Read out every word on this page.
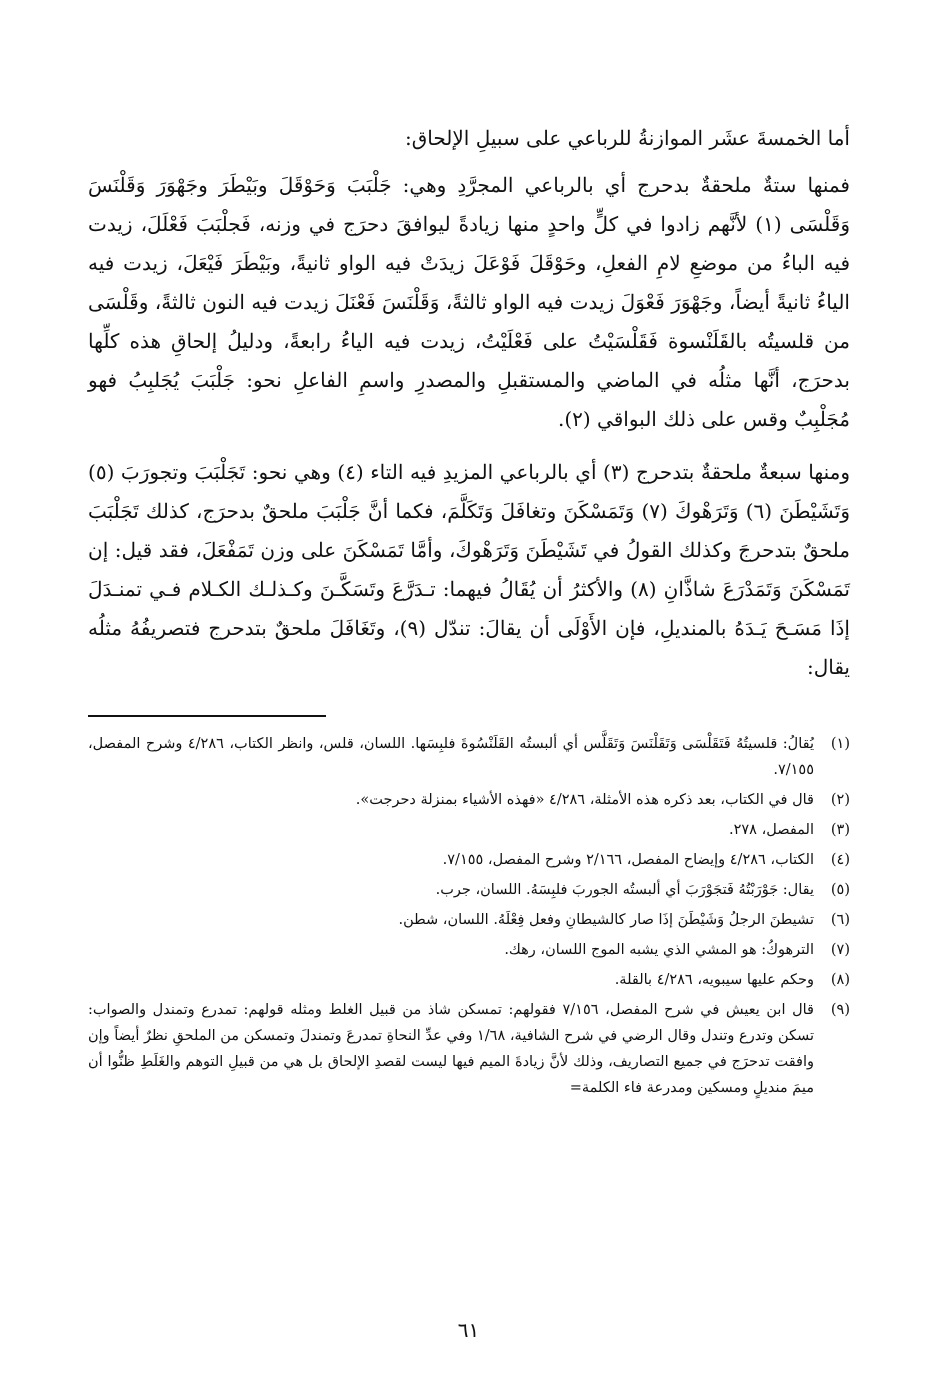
أما الخمسةَ عشَر الموازنةُ للرباعي على سبيلِ الإلحاق:

فمنها ستةٌ ملحقةٌ بدحرج أي بالرباعي المجرَّدِ وهي: جَلْبَبَ وَحَوْقَلَ وبَيْطَرَ وجَهْوَرَ وَقَلْنَسَ وَقَلْسَى (١) لأنَّهم زادوا في كلٍّ واحدٍ منها زيادةً ليوافقَ دحرَج في وزنه، فَجلْبَبَ فَعْلَلَ، زيدت فيه الباءُ من موضعِ لامِ الفعلِ، وحَوْقَلَ فَوْعَلَ زيدَتْ فيه الواو ثانيةً، وبَيْطَرَ فَيْعَلَ، زيدت فيه الياءُ ثانيةً أيضاً، وجَهْوَرَ فَعْوَلَ زيدت فيه الواو ثالثةً، وَقَلْنَسَ فَعْنَلَ زيدت فيه النون ثالثةً، وقَلْسَى من قلسيتُه بالقَلَنْسوة فَقَلْسَيْتُ على فَعْلَيْتُ، زيدت فيه الياءُ رابعةً، ودليلُ إلحاقِ هذه كلِّها بدحرَج، أنَّها مثلُه في الماضي والمستقبلِ والمصدرِ واسمِ الفاعلِ نحو: جَلْبَبَ يُجَلبِبُ فهو مُجَلْبِبٌ وقس على ذلك البواقي (٢).

ومنها سبعةٌ ملحقةٌ بتدحرج (٣) أي بالرباعي المزيدِ فيه التاء (٤) وهي نحو: تَجَلْبَبَ وتجورَبَ (٥) وَتَشَيْطَنَ (٦) وَتَرَهْوكَ (٧) وَتَمَسْكَنَ وتغافَلَ وَتَكَلَّمَ، فكما أنَّ جَلْبَبَ ملحقٌ بدحرَج، كذلك تَجَلْبَبَ ملحقٌ بتدحرجَ وكذلك القولُ في تَشَيْطَنَ وَتَرَهْوكَ، وأمَّا تَمَسْكَنَ على وزن تَمَفْعَلَ، فقد قيل: إن تَمَسْكَنَ وَتَمَدْرَعَ شاذَّانِ (٨) والأكثرُ أن يُقَالُ فيهما: تـدَرَّعَ وتَسَكَّـنَ وكـذلـك الكـلام فـي تمنـدَلَ إذَا مَسَـحَ يَـدَهُ بالمنديلِ، فإن الأَوْلَى أن يقالَ: تندّل (٩)، وتَغَافَلَ ملحقٌ بتدحرج فتصريفُهُ مثلُه يقال:

(١)
يُقالُ: قلسيتُهُ فَتَقَلْسَى وَتَقَلْنَسَ وَتَقَلَّس أي ألبستُه القَلَنْسُوةَ فلبِسَها. اللسان، قلس، وانظر الكتاب، ٤/٢٨٦ وشرح المفصل، ٧/١٥٥.
(٢)
قال في الكتاب، بعد ذكره هذه الأمثلة، ٤/٢٨٦ «فهذه الأشياء بمنزلة دحرجت».
(٣)
المفصل، ٢٧٨.
(٤)
الكتاب، ٤/٢٨٦ وإيضاح المفصل، ٢/١٦٦ وشرح المفصل، ٧/١٥٥.
(٥)
يقال: جَوْرَبْتُهُ فَتجَوْرَبَ أي ألبستُه الجوربَ فلبِسَهُ. اللسان، جرب.
(٦)
تشيطنَ الرجلُ وَشَيْطَنَ إذَا صار كالشيطانِ وفعل فِعْلَهُ. اللسان، شطن.
(٧)
الترهوكُ: هو المشي الذي يشبه الموج اللسان، رهك.
(٨)
وحكم عليها سيبويه، ٤/٢٨٦ بالقلة.
(٩)
قال ابن يعيش في شرح المفصل، ٧/١٥٦ فقولهم: تمسكن شاذ من قبيل الغلط ومثله قولهم: تمدرع وتمندل والصواب: تسكن وتدرع وتندل وقال الرضي في شرح الشافية، ١/٦٨ وفي عدِّ النحاةِ تمدرعَ وتمندلَ وتمسكن من الملحقِ نظرٌ أيضاً وإن وافقت تدحرَج في جميع التصاريف، وذلك لأنَّ زيادةَ الميم فيها ليست لقصدِ الإلحاق بل هي من قبيلِ التوهم والغَلَطِ ظنُّوا أن ميمَ منديلٍ ومسكين ومدرعة فاء الكلمة=
٦١
